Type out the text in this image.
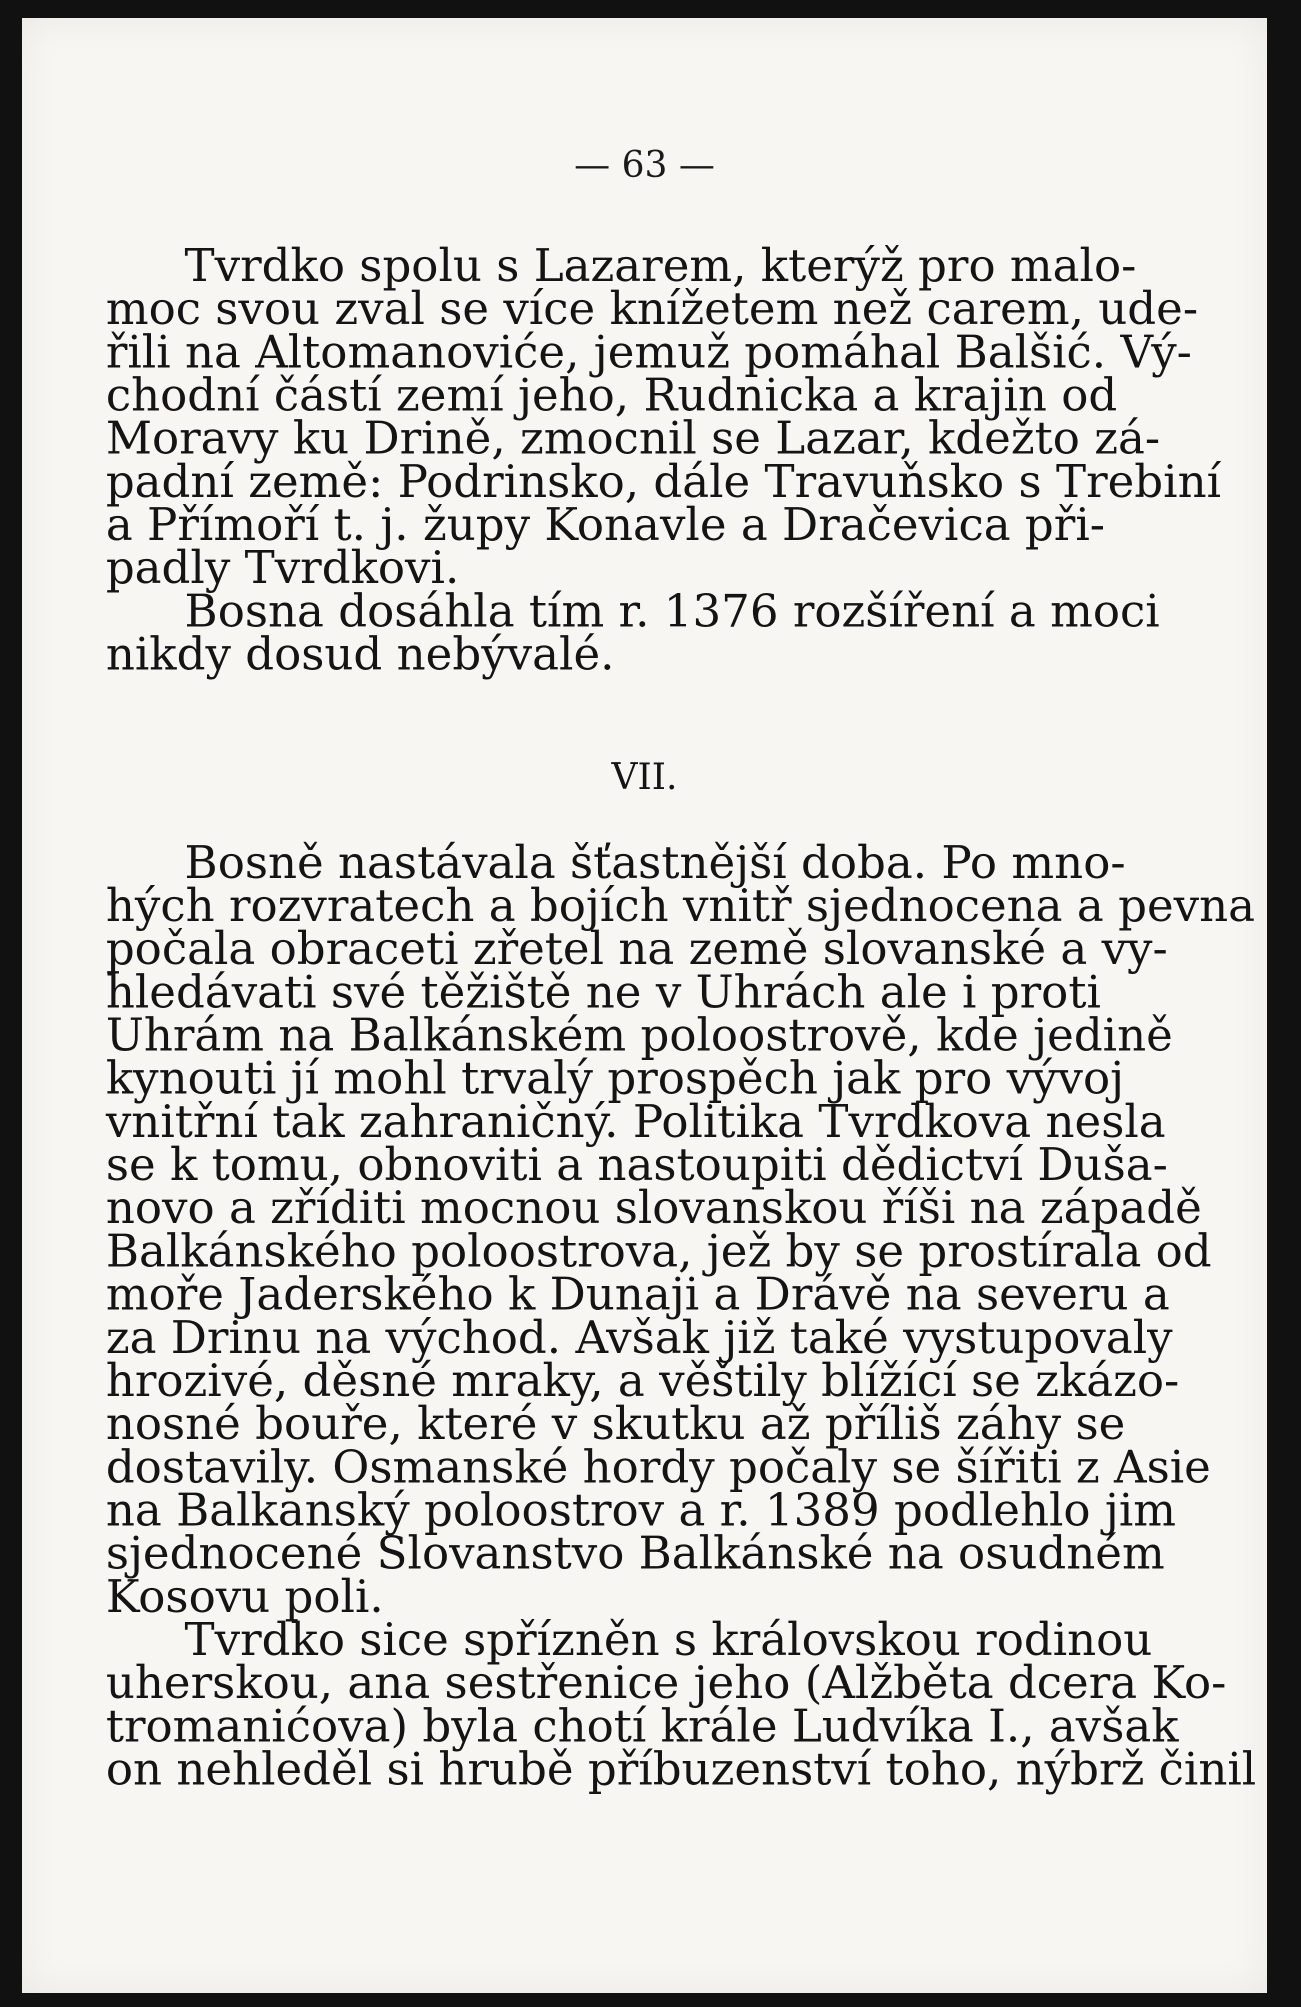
— 63 —

Tvrdko spolu s Lazarem, kterýž pro malo-

moc svou zval se více knížetem než carem, ude-

řili na Altomanoviće, jemuž pomáhal Balšić. Vý-

chodní částí zemí jeho, Rudnicka a krajin od

Moravy ku Drině, zmocnil se Lazar, kdežto zá-

padní země: Podrinsko, dále Travuňsko s Trebiní

a Přímoří t. j. župy Konavle a Dračevica při-

padly Tvrdkovi.

Bosna dosáhla tím r. 1376 rozšíření a moci

nikdy dosud nebývalé.

VII.

Bosně nastávala šťastnější doba. Po mno-

hých rozvratech a bojích vnitř sjednocena a pevna

počala obraceti zřetel na země slovanské a vy-

hledávati své těžiště ne v Uhrách ale i proti

Uhrám na Balkánském poloostrově, kde jedině

kynouti jí mohl trvalý prospěch jak pro vývoj

vnitřní tak zahraničný. Politika Tvrdkova nesla

se k tomu, obnoviti a nastoupiti dědictví Duša-

novo a zříditi mocnou slovanskou říši na západě

Balkánského poloostrova, jež by se prostírala od

moře Jaderského k Dunaji a Drávě na severu a

za Drinu na východ. Avšak již také vystupovaly

hrozivé, děsné mraky, a věštily blížící se zkázo-

nosné bouře, které v skutku až příliš záhy se

dostavily. Osmanské hordy počaly se šířiti z Asie

na Balkanský poloostrov a r. 1389 podlehlo jim

sjednocené Slovanstvo Balkánské na osudném

Kosovu poli.

Tvrdko sice spřízněn s královskou rodinou

uherskou, ana sestřenice jeho (Alžběta dcera Ko-

tromanićova) byla chotí krále Ludvíka I., avšak

on nehleděl si hrubě příbuzenství toho, nýbrž činil
